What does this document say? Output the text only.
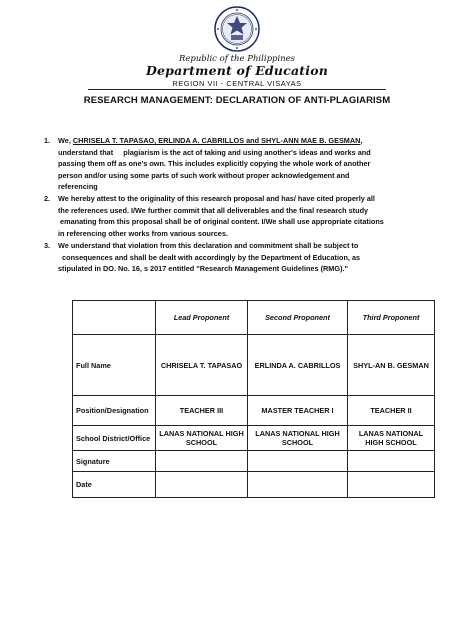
Republic of the Philippines
Department of Education
REGION VII - CENTRAL VISAYAS
RESEARCH MANAGEMENT: DECLARATION OF ANTI-PLAGIARISM
1. We, CHRISELA T. TAPASAO, ERLINDA A. CABRILLOS and SHYL-ANN MAE B. GESMAN,
understand that     plagiarism is the act of taking and using another's ideas and works and
passing them off as one's own. This includes explicitly copying the whole work of another
person and/or using some parts of such work without proper acknowledgement and
referencing
2. We hereby attest to the originality of this research proposal and has/ have cited properly all
the references used. I/We further commit that all deliverables and the final research study
emanating from this proposal shall be of original content. I/We shall use appropriate citations
in referencing other works from various sources.
3. We understand that violation from this declaration and commitment shall be subject to
consequences and shall be dealt with accordingly by the Department of Education, as
stipulated in DO. No. 16, s 2017 entitled "Research Management Guidelines (RMG)."
	Lead Proponent	Second Proponent	Third Proponent
Full Name	CHRISELA T. TAPASAO	ERLINDA A. CABRILLOS	SHYL-AN B. GESMAN
Position/Designation	TEACHER III	MASTER TEACHER I	TEACHER II
School District/Office	LANAS NATIONAL HIGH SCHOOL	LANAS NATIONAL HIGH SCHOOL	LANAS NATIONAL HIGH SCHOOL
Signature			
Date			
